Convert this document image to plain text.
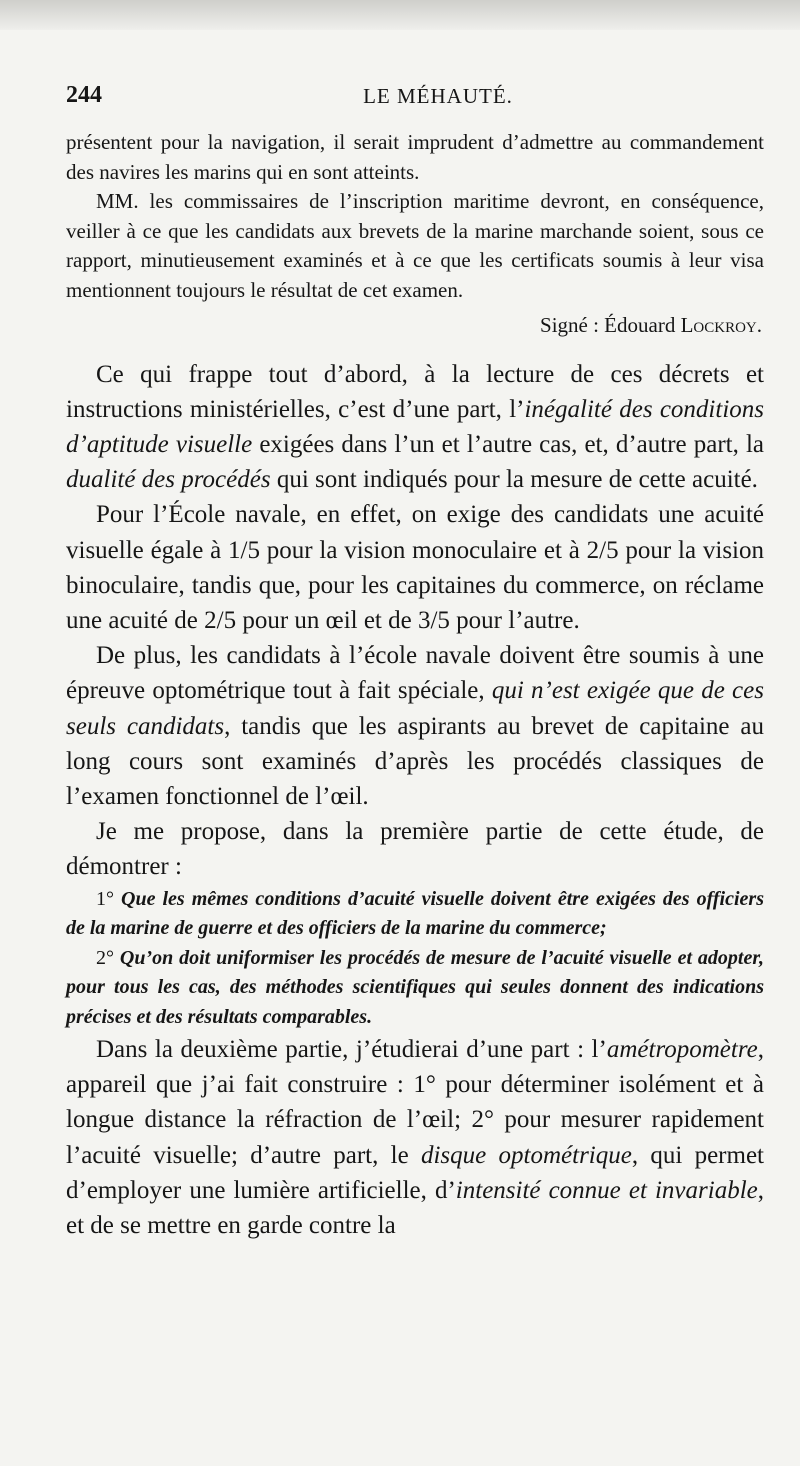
244	LE MÉHAUTÉ.

présentent pour la navigation, il serait imprudent d’admettre au commandement des navires les marins qui en sont atteints.

MM. les commissaires de l’inscription maritime devront, en conséquence, veiller à ce que les candidats aux brevets de la marine marchande soient, sous ce rapport, minutieusement examinés et à ce que les certificats soumis à leur visa mentionnent toujours le résultat de cet examen.

Signé : Édouard Lockroy.

Ce qui frappe tout d’abord, à la lecture de ces décrets et instructions ministérielles, c’est d’une part, l’inégalité des conditions d’aptitude visuelle exigées dans l’un et l’autre cas, et, d’autre part, la dualité des procédés qui sont indiqués pour la mesure de cette acuité.

Pour l’École navale, en effet, on exige des candidats une acuité visuelle égale à 1/5 pour la vision monoculaire et à 2/5 pour la vision binoculaire, tandis que, pour les capitaines du commerce, on réclame une acuité de 2/5 pour un œil et de 3/5 pour l’autre.

De plus, les candidats à l’école navale doivent être soumis à une épreuve optométrique tout à fait spéciale, qui n’est exigée que de ces seuls candidats, tandis que les aspirants au brevet de capitaine au long cours sont examinés d’après les procédés classiques de l’examen fonctionnel de l’œil.

Je me propose, dans la première partie de cette étude, de démontrer :

1° Que les mêmes conditions d’acuité visuelle doivent être exigées des officiers de la marine de guerre et des officiers de la marine du commerce;

2° Qu’on doit uniformiser les procédés de mesure de l’acuité visuelle et adopter, pour tous les cas, des méthodes scientifiques qui seules donnent des indications précises et des résultats comparables.

Dans la deuxième partie, j’étudierai d’une part : l’amétropomètre, appareil que j’ai fait construire : 1° pour déterminer isolément et à longue distance la réfraction de l’œil; 2° pour mesurer rapidement l’acuité visuelle; d’autre part, le disque optométrique, qui permet d’employer une lumière artificielle, d’intensité connue et invariable, et de se mettre en garde contre la
